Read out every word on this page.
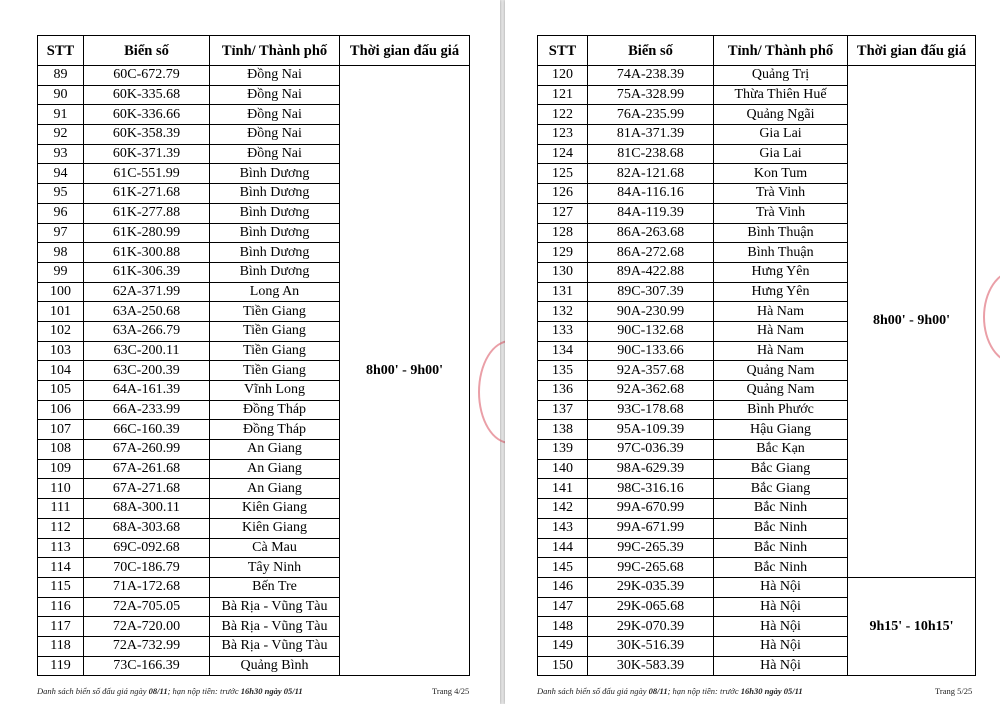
STT	Biển số	Tỉnh/ Thành phố	Thời gian đấu giá
89	60C-672.79	Đồng Nai	8h00' - 9h00'
90	60K-335.68	Đồng Nai	
91	60K-336.66	Đồng Nai	
92	60K-358.39	Đồng Nai	
93	60K-371.39	Đồng Nai	
94	61C-551.99	Bình Dương	
95	61K-271.68	Bình Dương	
96	61K-277.88	Bình Dương	
97	61K-280.99	Bình Dương	
98	61K-300.88	Bình Dương	
99	61K-306.39	Bình Dương	
100	62A-371.99	Long An	
101	63A-250.68	Tiền Giang	
102	63A-266.79	Tiền Giang	
103	63C-200.11	Tiền Giang	
104	63C-200.39	Tiền Giang	
105	64A-161.39	Vĩnh Long	
106	66A-233.99	Đồng Tháp	
107	66C-160.39	Đồng Tháp	
108	67A-260.99	An Giang	
109	67A-261.68	An Giang	
110	67A-271.68	An Giang	
111	68A-300.11	Kiên Giang	
112	68A-303.68	Kiên Giang	
113	69C-092.68	Cà Mau	
114	70C-186.79	Tây Ninh	
115	71A-172.68	Bến Tre	
116	72A-705.05	Bà Rịa - Vũng Tàu	
117	72A-720.00	Bà Rịa - Vũng Tàu	
118	72A-732.99	Bà Rịa - Vũng Tàu	
119	73C-166.39	Quảng Bình	
Danh sách biển số đấu giá ngày 08/11; hạn nộp tiền: trước 16h30 ngày 05/11	Trang 4/25
STT	Biển số	Tỉnh/ Thành phố	Thời gian đấu giá
120	74A-238.39	Quảng Trị	8h00' - 9h00'
121	75A-328.99	Thừa Thiên Huế	
122	76A-235.99	Quảng Ngãi	
123	81A-371.39	Gia Lai	
124	81C-238.68	Gia Lai	
125	82A-121.68	Kon Tum	
126	84A-116.16	Trà Vinh	
127	84A-119.39	Trà Vinh	
128	86A-263.68	Bình Thuận	
129	86A-272.68	Bình Thuận	
130	89A-422.88	Hưng Yên	
131	89C-307.39	Hưng Yên	
132	90A-230.99	Hà Nam	
133	90C-132.68	Hà Nam	
134	90C-133.66	Hà Nam	
135	92A-357.68	Quảng Nam	
136	92A-362.68	Quảng Nam	
137	93C-178.68	Bình Phước	
138	95A-109.39	Hậu Giang	
139	97C-036.39	Bắc Kạn	
140	98A-629.39	Bắc Giang	
141	98C-316.16	Bắc Giang	
142	99A-670.99	Bắc Ninh	
143	99A-671.99	Bắc Ninh	
144	99C-265.39	Bắc Ninh	
145	99C-265.68	Bắc Ninh	
146	29K-035.39	Hà Nội	9h15' - 10h15'
147	29K-065.68	Hà Nội	
148	29K-070.39	Hà Nội	
149	30K-516.39	Hà Nội	
150	30K-583.39	Hà Nội	
Danh sách biển số đấu giá ngày 08/11; hạn nộp tiền: trước 16h30 ngày 05/11	Trang 5/25
